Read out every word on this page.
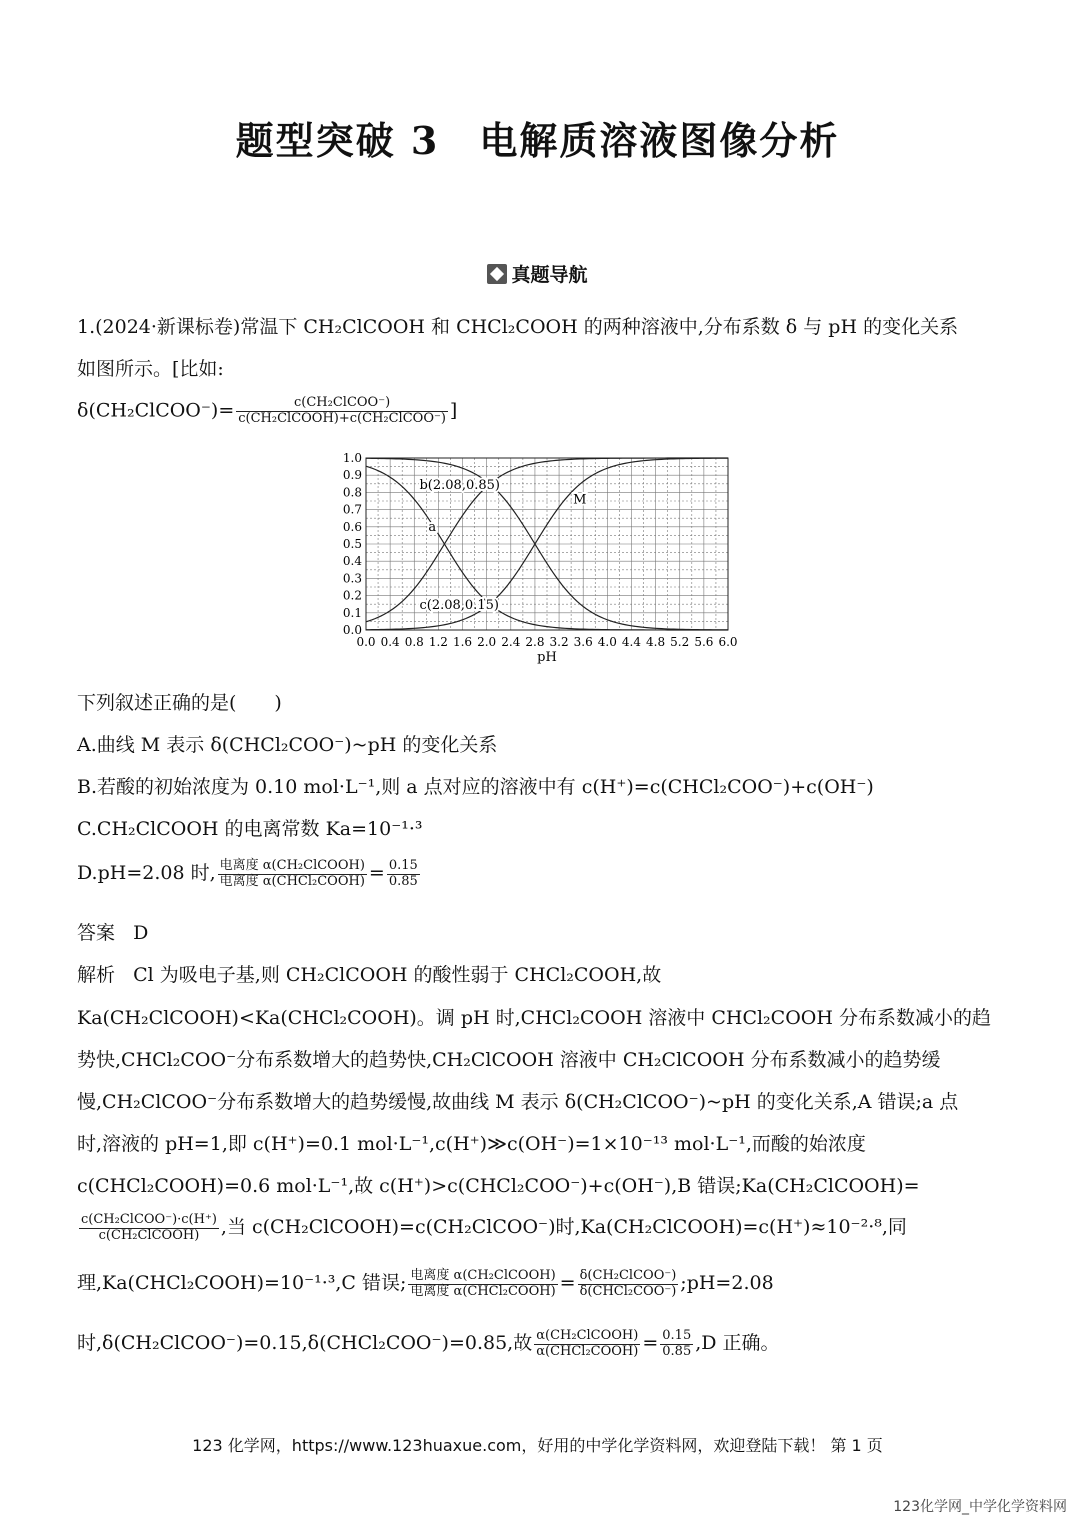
题型突破 3　电解质溶液图像分析
真题导航
1.(2024·新课标卷)常温下 CH₂ClCOOH 和 CHCl₂COOH 的两种溶液中,分布系数 δ 与 pH 的变化关系
如图所示。[比如:
δ(CH₂ClCOO⁻)= $\frac{\text{c(CH₂ClCOO⁻)}}{\text{c(CH₂ClCOOH)+c(CH₂ClCOO⁻)}}$ ]
0.0 0.4 0.8 1.2 1.6 2.0 2.4 2.8 3.2 3.6 4.0 4.4 4.8 5.2 5.6 6.0
0.0
0.1
0.2
0.3
0.4
0.5
0.6
0.7
0.8
0.9
1.0
pH
b(2.08,0.85)
c(2.08,0.15)
a
M
下列叙述正确的是(　　)
A.曲线 M 表示 δ(CHCl₂COO⁻)~pH 的变化关系
B.若酸的初始浓度为 0.10 mol·L⁻¹,则 a 点对应的溶液中有 c(H⁺)=c(CHCl₂COO⁻)+c(OH⁻)
C.CH₂ClCOOH 的电离常数 Ka=10⁻¹·³
D.pH=2.08 时, $\frac{\text{电离度 α(CH₂ClCOOH)}}{\text{电离度 α(CHCl₂COOH)}} = \frac{0.15}{0.85}$
答案 D
解析 Cl 为吸电子基,则 CH₂ClCOOH 的酸性弱于 CHCl₂COOH,故
Ka(CH₂ClCOOH)<Ka(CHCl₂COOH)。调 pH 时,CHCl₂COOH 溶液中 CHCl₂COOH 分布系数减小的趋
势快,CHCl₂COO⁻分布系数增大的趋势快,CH₂ClCOOH 溶液中 CH₂ClCOOH 分布系数减小的趋势缓
慢,CH₂ClCOO⁻分布系数增大的趋势缓慢,故曲线 M 表示 δ(CH₂ClCOO⁻)~pH 的变化关系,A 错误;a 点
时,溶液的 pH=1,即 c(H⁺)=0.1 mol·L⁻¹,c(H⁺)≫c(OH⁻)=1×10⁻¹³ mol·L⁻¹,而酸的始浓度
c(CHCl₂COOH)=0.6 mol·L⁻¹,故 c(H⁺)>c(CHCl₂COO⁻)+c(OH⁻),B 错误;Ka(CH₂ClCOOH)=
$\frac{\text{c(CH₂ClCOO⁻)·c(H⁺)}}{\text{c(CH₂ClCOOH)}}$ ,当 c(CH₂ClCOOH)=c(CH₂ClCOO⁻)时,Ka(CH₂ClCOOH)=c(H⁺)≈10⁻²·⁸,同
理,Ka(CHCl₂COOH)=10⁻¹·³,C 错误; $\frac{\text{电离度 α(CH₂ClCOOH)}}{\text{电离度 α(CHCl₂COOH)}} = \frac{\text{δ(CH₂ClCOO⁻)}}{\text{δ(CHCl₂COO⁻)}}$ ;pH=2.08
时,δ(CH₂ClCOO⁻)=0.15,δ(CHCl₂COO⁻)=0.85,故 $\frac{\text{α(CH₂ClCOOH)}}{\text{α(CHCl₂COOH)}} = \frac{0.15}{0.85} ,D$ 正确。
123 化学网，https://www.123huaxue.com，好用的中学化学资料网，欢迎登陆下载！ 第 1 页
123化学网_中学化学资料网
